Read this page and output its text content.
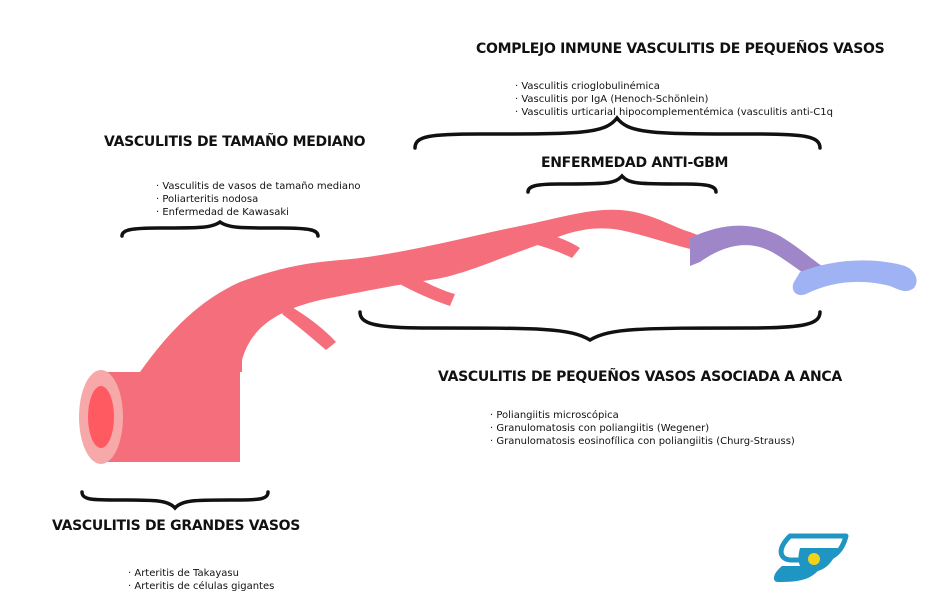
COMPLEJO INMUNE VASCULITIS DE PEQUEÑOS VASOS
· Vasculitis crioglobulinémica
· Vasculitis por IgA (Henoch-Schönlein)
· Vasculitis urticarial hipocomplementémica (vasculitis anti-C1q
ENFERMEDAD ANTI-GBM
VASCULITIS DE TAMAÑO MEDIANO
· Vasculitis de vasos de tamaño mediano
· Poliarteritis nodosa
· Enfermedad de Kawasaki
VASCULITIS DE PEQUEÑOS VASOS ASOCIADA A ANCA
· Poliangiitis microscópica
· Granulomatosis con poliangiitis (Wegener)
· Granulomatosis eosinofílica con poliangiitis (Churg-Strauss)
VASCULITIS DE GRANDES VASOS
· Arteritis de Takayasu
· Arteritis de células gigantes
